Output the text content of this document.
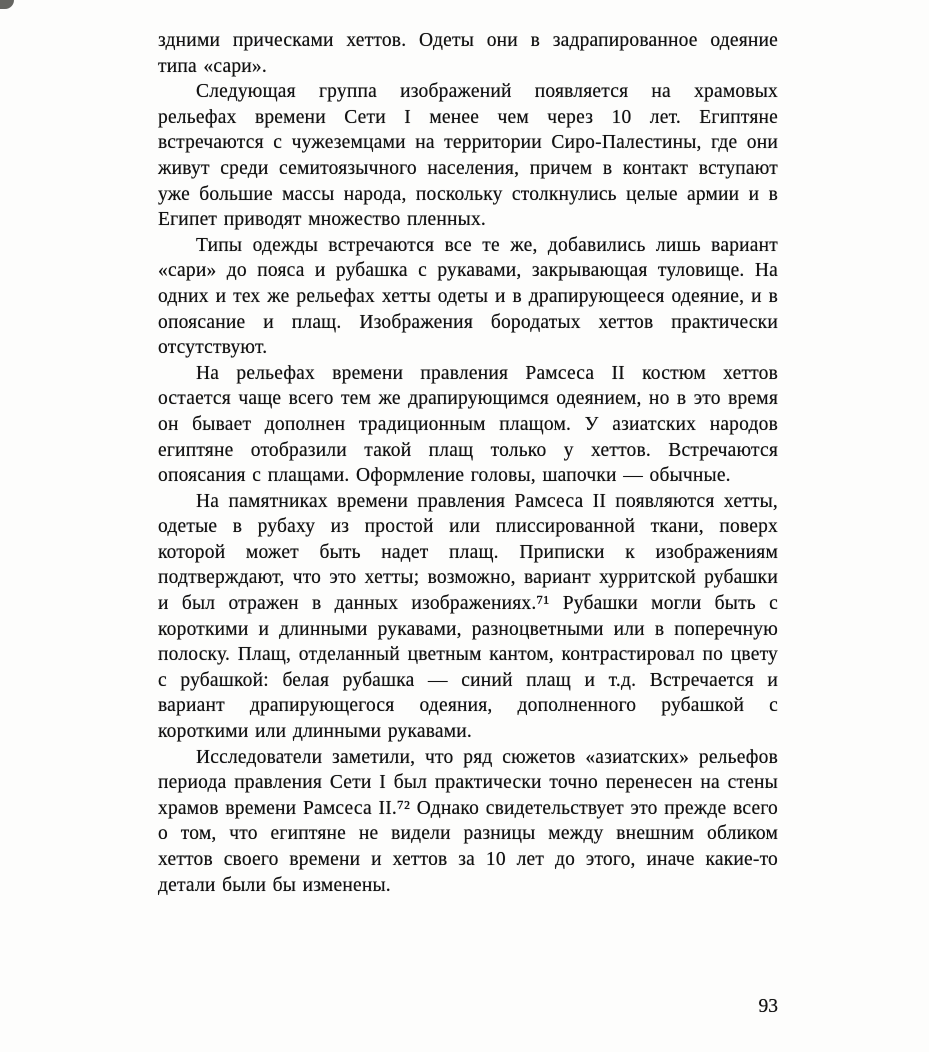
здними прическами хеттов. Одеты они в задрапированное одеяние типа «сари».

Следующая группа изображений появляется на храмовых рельефах времени Сети I менее чем через 10 лет. Египтяне встречаются с чужеземцами на территории Сиро-Палестины, где они живут среди семитоязычного населения, причем в контакт вступают уже большие массы народа, поскольку столкнулись целые армии и в Египет приводят множество пленных.

Типы одежды встречаются все те же, добавились лишь вариант «сари» до пояса и рубашка с рукавами, закрывающая туловище. На одних и тех же рельефах хетты одеты и в драпирующееся одеяние, и в опоясание и плащ. Изображения бородатых хеттов практически отсутствуют.

На рельефах времени правления Рамсеса II костюм хеттов остается чаще всего тем же драпирующимся одеянием, но в это время он бывает дополнен традиционным плащом. У азиатских народов египтяне отобразили такой плащ только у хеттов. Встречаются опоясания с плащами. Оформление головы, шапочки — обычные.

На памятниках времени правления Рамсеса II появляются хетты, одетые в рубаху из простой или плиссированной ткани, поверх которой может быть надет плащ. Приписки к изображениям подтверждают, что это хетты; возможно, вариант хурритской рубашки и был отражен в данных изображениях.⁷¹ Рубашки могли быть с короткими и длинными рукавами, разноцветными или в поперечную полоску. Плащ, отделанный цветным кантом, контрастировал по цвету с рубашкой: белая рубашка — синий плащ и т.д. Встречается и вариант драпирующегося одеяния, дополненного рубашкой с короткими или длинными рукавами.

Исследователи заметили, что ряд сюжетов «азиатских» рельефов периода правления Сети I был практически точно перенесен на стены храмов времени Рамсеса II.⁷² Однако свидетельствует это прежде всего о том, что египтяне не видели разницы между внешним обликом хеттов своего времени и хеттов за 10 лет до этого, иначе какие-то детали были бы изменены.

93
